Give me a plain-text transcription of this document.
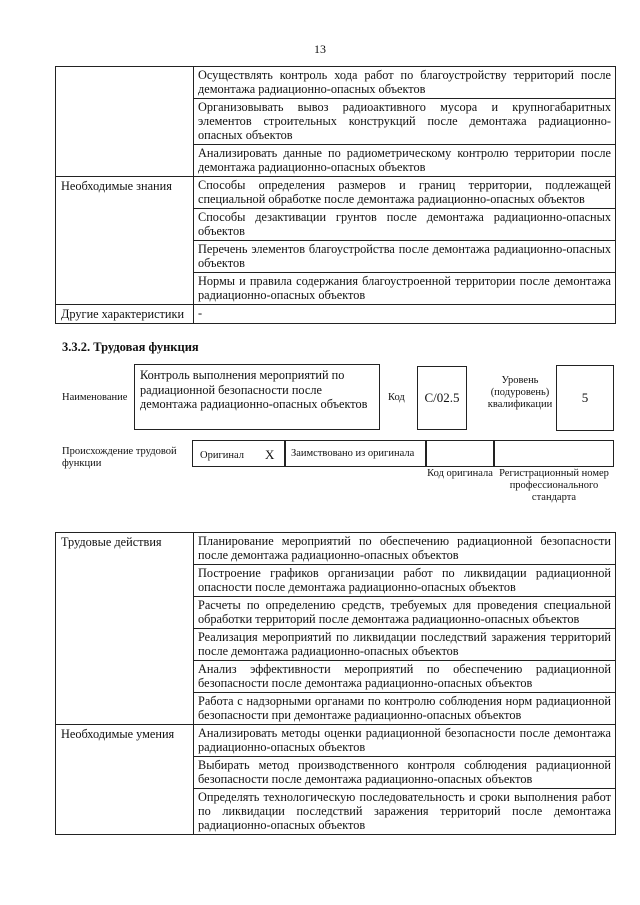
13
	Осуществлять контроль хода работ по благоустройству территорий после демонтажа радиационно-опасных объектов
	Организовывать вывоз радиоактивного мусора и крупногабаритных элементов строительных конструкций после демонтажа радиационно-опасных объектов
	Анализировать данные по радиометрическому контролю территории после демонтажа радиационно-опасных объектов
Необходимые знания	Способы определения размеров и границ территории, подлежащей специальной обработке после демонтажа радиационно-опасных объектов
	Способы дезактивации грунтов после демонтажа радиационно-опасных объектов
	Перечень элементов благоустройства после демонтажа радиационно-опасных объектов
	Нормы и правила содержания благоустроенной территории после демонтажа радиационно-опасных объектов
Другие характеристики	-
3.3.2. Трудовая функция
Наименование
Контроль выполнения мероприятий по радиационной безопасности после демонтажа радиационно-опасных объектов	Код	C/02.5
Уровень (подуровень) квалификации	5
Происхождение трудовой функции
Оригинал X Заимствовано из оригинала
Код оригинала Регистрационный номер профессионального стандарта
Трудовые действия	Планирование мероприятий по обеспечению радиационной безопасности после демонтажа радиационно-опасных объектов
	Построение графиков организации работ по ликвидации радиационной опасности после демонтажа радиационно-опасных объектов
	Расчеты по определению средств, требуемых для проведения специальной обработки территорий после демонтажа радиационно-опасных объектов
	Реализация мероприятий по ликвидации последствий заражения территорий после демонтажа радиационно-опасных объектов
	Анализ эффективности мероприятий по обеспечению радиационной безопасности после демонтажа радиационно-опасных объектов
	Работа с надзорными органами по контролю соблюдения норм радиационной безопасности при демонтаже радиационно-опасных объектов
Необходимые умения	Анализировать методы оценки радиационной безопасности после демонтажа радиационно-опасных объектов
	Выбирать метод производственного контроля соблюдения радиационной безопасности после демонтажа радиационно-опасных объектов
	Определять технологическую последовательность и сроки выполнения работ по ликвидации последствий заражения территорий после демонтажа радиационно-опасных объектов
